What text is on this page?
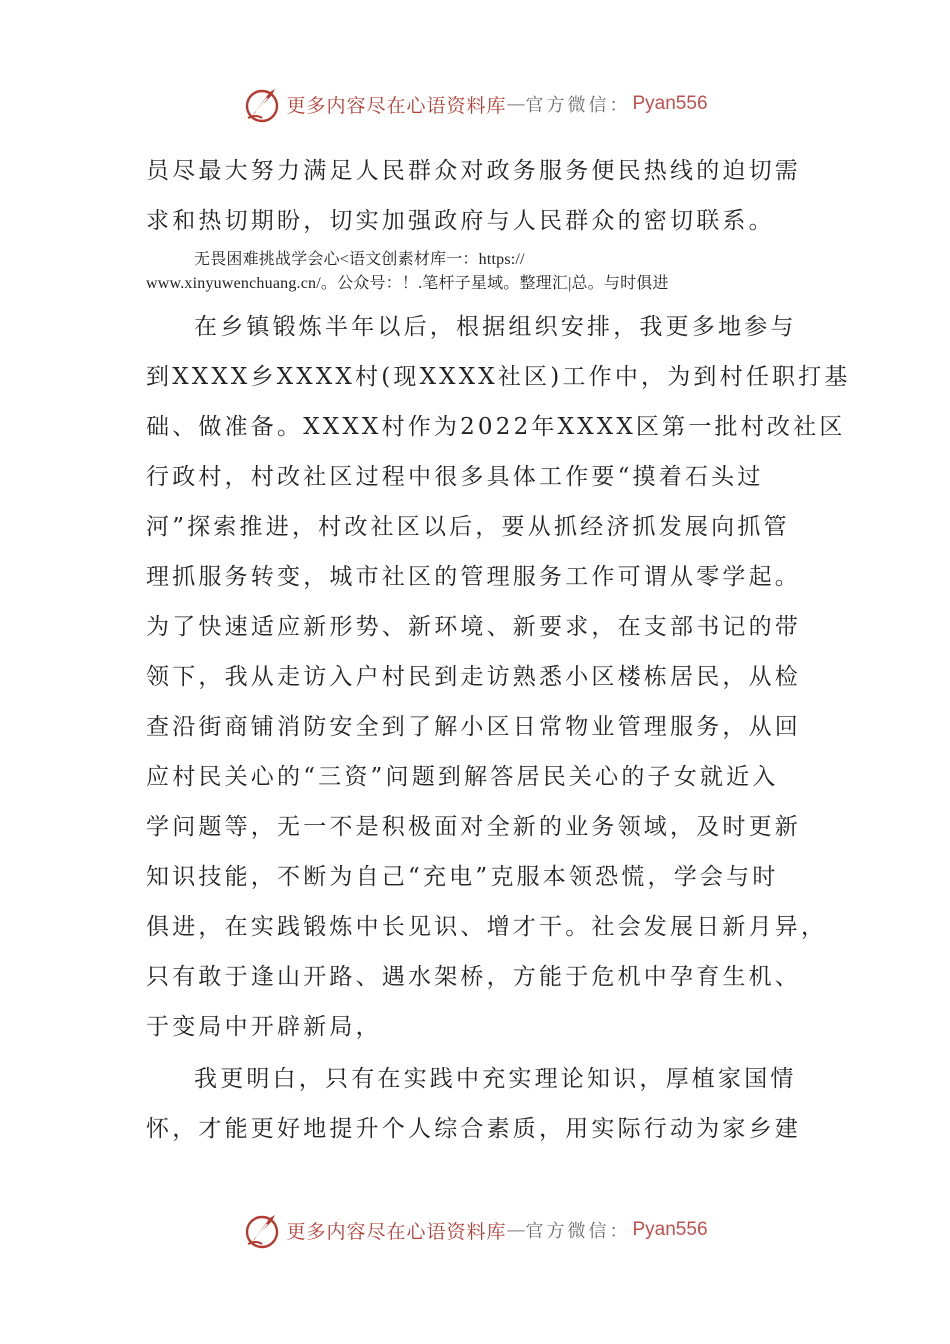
更多内容尽在心语资料库 — 官方微信： Pyan556
员尽最大努力满足人民群众对政务服务便民热线的迫切需
求和热切期盼，切实加强政府与人民群众的密切联系。
无畏困难挑战学会心<语文创素材库一：https://
www.xinyuwenchuang.cn/。公众号：！.笔杆子星域。整理汇|总。与时俱进
在乡镇锻炼半年以后，根据组织安排，我更多地参与
到XXXX乡XXXX村(现XXXX社区)工作中，为到村任职打基
础、做准备。XXXX村作为2022年XXXX区第一批村改社区
行政村，村改社区过程中很多具体工作要“摸着石头过
河”探索推进，村改社区以后，要从抓经济抓发展向抓管
理抓服务转变，城市社区的管理服务工作可谓从零学起。
为了快速适应新形势、新环境、新要求，在支部书记的带
领下，我从走访入户村民到走访熟悉小区楼栋居民，从检
查沿街商铺消防安全到了解小区日常物业管理服务，从回
应村民关心的“三资”问题到解答居民关心的子女就近入
学问题等，无一不是积极面对全新的业务领域，及时更新
知识技能，不断为自己“充电”克服本领恐慌，学会与时
俱进，在实践锻炼中长见识、增才干。社会发展日新月异，
只有敢于逢山开路、遇水架桥，方能于危机中孕育生机、
于变局中开辟新局，
我更明白，只有在实践中充实理论知识，厚植家国情
怀，才能更好地提升个人综合素质，用实际行动为家乡建
更多内容尽在心语资料库 — 官方微信： Pyan556
